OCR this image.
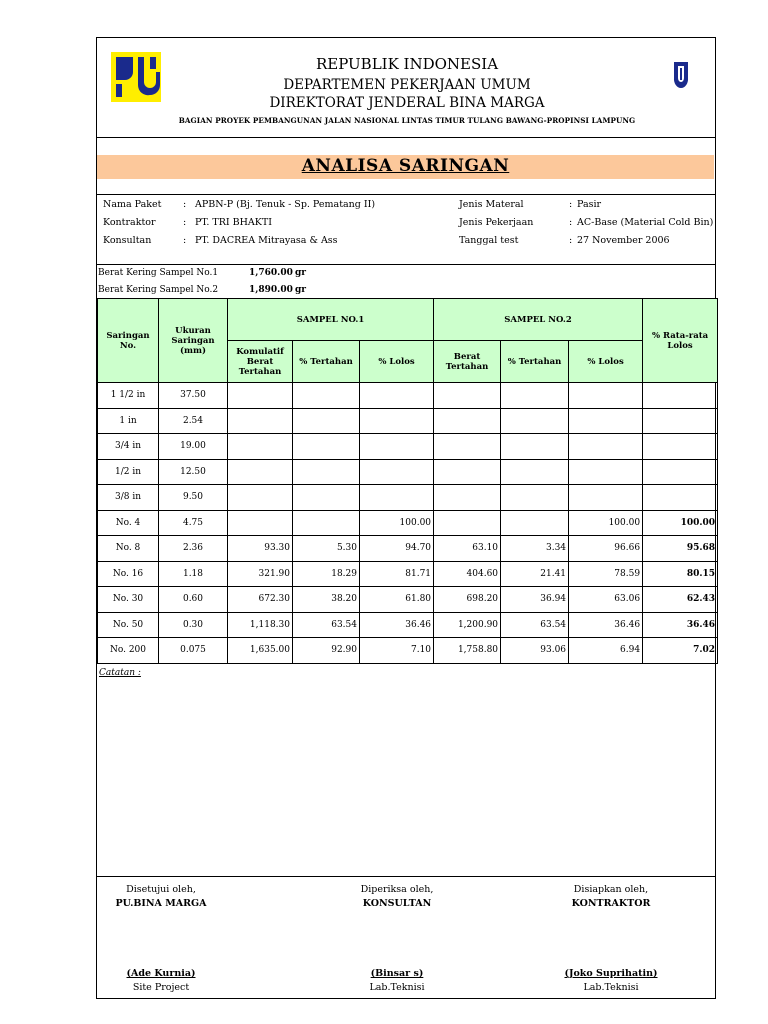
REPUBLIK INDONESIA
DEPARTEMEN PEKERJAAN UMUM
DIREKTORAT JENDERAL BINA MARGA
BAGIAN PROYEK PEMBANGUNAN JALAN NASIONAL LINTAS TIMUR TULANG BAWANG-PROPINSI LAMPUNG
ANALISA SARINGAN
Nama Paket : APBN-P (Bj. Tenuk - Sp. Pematang II)
Kontraktor	: PT. TRI BHAKTI
Konsultan	: PT. DACREA Mitrayasa & Ass
Jenis Materal	: Pasir
Jenis Pekerjaan	: AC-Base (Material Cold Bin)
Tanggal test	: 27 November 2006
Berat Kering Sampel No.1	1,760.00 gr
Berat Kering Sampel No.2	1,890.00 gr
Saringan No.	Ukuran Saringan (mm)	SAMPEL NO.1			SAMPEL NO.2			% Rata-rata Lolos
		Komulatif Berat Tertahan	% Tertahan	% Lolos	Berat Tertahan	% Tertahan	% Lolos	
1 1/2 in	37.50							
1 in	2.54							
3/4 in	19.00							
1/2 in	12.50							
3/8 in	9.50							
No. 4	4.75			100.00			100.00	100.00
No. 8	2.36	93.30	5.30	94.70	63.10	3.34	96.66	95.68
No. 16	1.18	321.90	18.29	81.71	404.60	21.41	78.59	80.15
No. 30	0.60	672.30	38.20	61.80	698.20	36.94	63.06	62.43
No. 50	0.30	1,118.30	63.54	36.46	1,200.90	63.54	36.46	36.46
No. 200	0.075	1,635.00	92.90	7.10	1,758.80	93.06	6.94	7.02
Catatan :
Disetujui oleh,
PU.BINA MARGA
(Ade Kurnia)
Site Project
Diperiksa oleh,
KONSULTAN
(Binsar s)
Lab.Teknisi
Disiapkan oleh,
KONTRAKTOR
(Joko Suprihatin)
Lab.Teknisi
